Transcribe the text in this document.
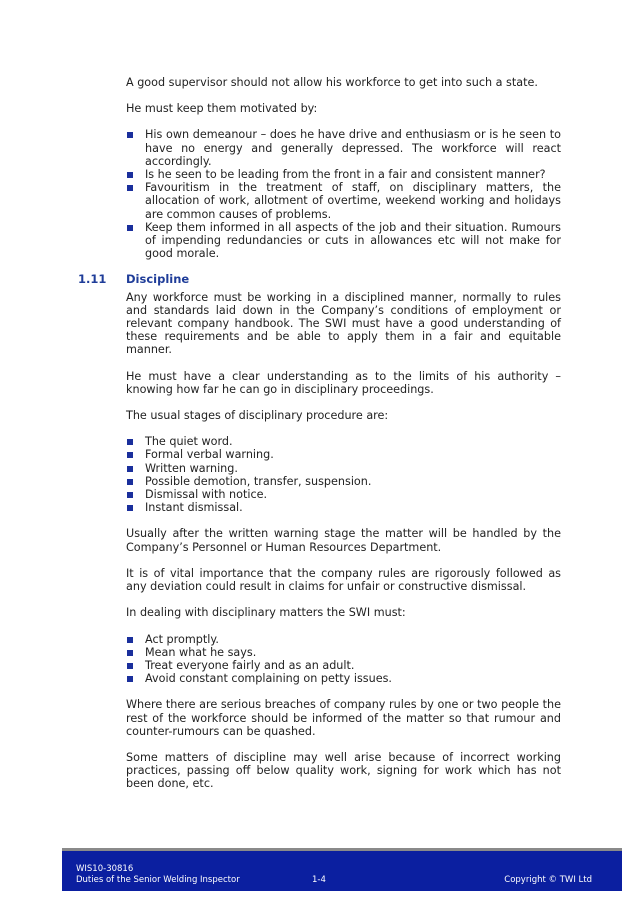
A good supervisor should not allow his workforce to get into such a state.

He must keep them motivated by:

His own demeanour – does he have drive and enthusiasm or is he seen to have no energy and generally depressed. The workforce will react accordingly.
Is he seen to be leading from the front in a fair and consistent manner?
Favouritism in the treatment of staff, on disciplinary matters, the allocation of work, allotment of overtime, weekend working and holidays are common causes of problems.
Keep them informed in all aspects of the job and their situation. Rumours of impending redundancies or cuts in allowances etc will not make for good morale.
1.11 Discipline

Any workforce must be working in a disciplined manner, normally to rules and standards laid down in the Company’s conditions of employment or relevant company handbook. The SWI must have a good understanding of these requirements and be able to apply them in a fair and equitable manner.

He must have a clear understanding as to the limits of his authority – knowing how far he can go in disciplinary proceedings.

The usual stages of disciplinary procedure are:

The quiet word.
Formal verbal warning.
Written warning.
Possible demotion, transfer, suspension.
Dismissal with notice.
Instant dismissal.

Usually after the written warning stage the matter will be handled by the Company’s Personnel or Human Resources Department.

It is of vital importance that the company rules are rigorously followed as any deviation could result in claims for unfair or constructive dismissal.

In dealing with disciplinary matters the SWI must:

Act promptly.
Mean what he says.
Treat everyone fairly and as an adult.
Avoid constant complaining on petty issues.

Where there are serious breaches of company rules by one or two people the rest of the workforce should be informed of the matter so that rumour and counter-rumours can be quashed.

Some matters of discipline may well arise because of incorrect working practices, passing off below quality work, signing for work which has not been done, etc.

WIS10-30816
Duties of the Senior Welding Inspector	1-4	Copyright © TWI Ltd
